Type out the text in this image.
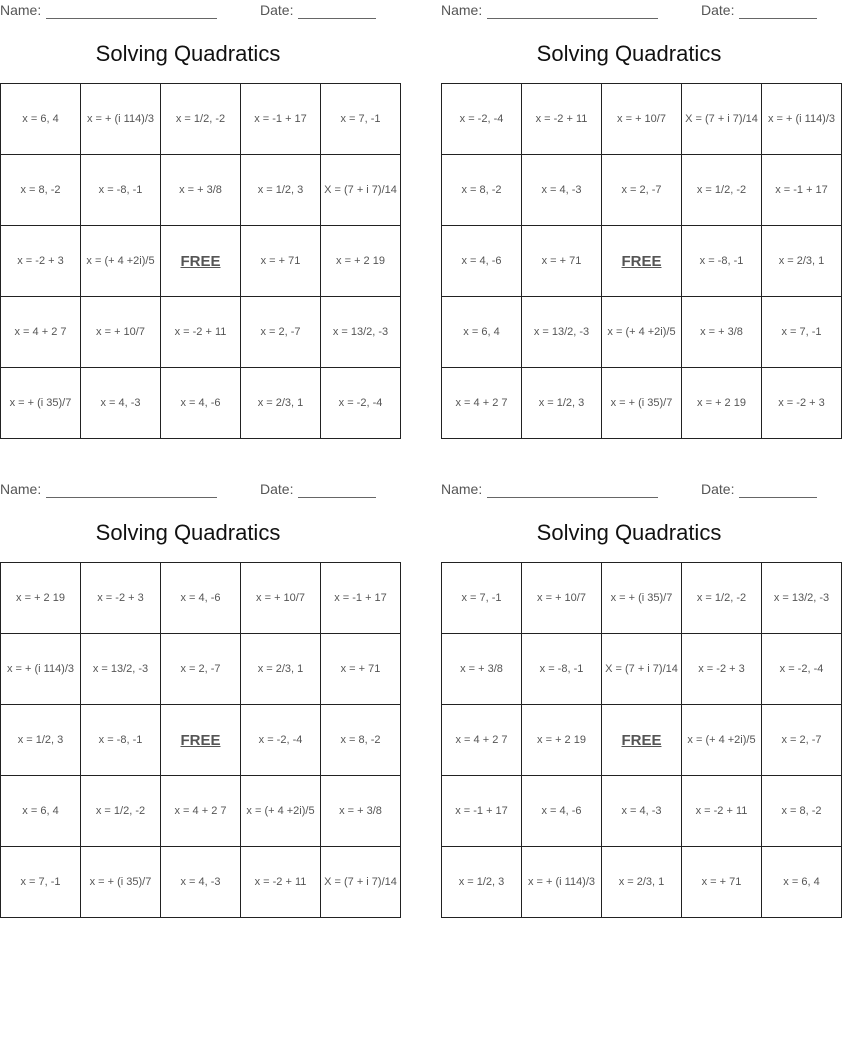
Name:	Date:
Solving Quadratics
x = 6, 4	x = + (i 114)/3	x = 1/2, -2	x = -1 + 17	x = 7, -1
x = 8, -2	x = -8, -1	x = + 3/8	x = 1/2, 3	X = (7 + i 7)/14
x = -2 + 3	x = (+ 4 +2i)/5	FREE	x = + 71	x = + 2 19
x = 4 + 2 7	x = + 10/7	x = -2 + 11	x = 2, -7	x = 13/2, -3
x = + (i 35)/7	x = 4, -3	x = 4, -6	x = 2/3, 1	x = -2, -4
Name:	Date:
Solving Quadratics
x = -2, -4	x = -2 + 11	x = + 10/7	X = (7 + i 7)/14	x = + (i 114)/3
x = 8, -2	x = 4, -3	x = 2, -7	x = 1/2, -2	x = -1 + 17
x = 4, -6	x = + 71	FREE	x = -8, -1	x = 2/3, 1
x = 6, 4	x = 13/2, -3	x = (+ 4 +2i)/5	x = + 3/8	x = 7, -1
x = 4 + 2 7	x = 1/2, 3	x = + (i 35)/7	x = + 2 19	x = -2 + 3
Name:	Date:
Solving Quadratics
x = + 2 19	x = -2 + 3	x = 4, -6	x = + 10/7	x = -1 + 17
x = + (i 114)/3	x = 13/2, -3	x = 2, -7	x = 2/3, 1	x = + 71
x = 1/2, 3	x = -8, -1	FREE	x = -2, -4	x = 8, -2
x = 6, 4	x = 1/2, -2	x = 4 + 2 7	x = (+ 4 +2i)/5	x = + 3/8
x = 7, -1	x = + (i 35)/7	x = 4, -3	x = -2 + 11	X = (7 + i 7)/14
Name:	Date:
Solving Quadratics
x = 7, -1	x = + 10/7	x = + (i 35)/7	x = 1/2, -2	x = 13/2, -3
x = + 3/8	x = -8, -1	X = (7 + i 7)/14	x = -2 + 3	x = -2, -4
x = 4 + 2 7	x = + 2 19	FREE	x = (+ 4 +2i)/5	x = 2, -7
x = -1 + 17	x = 4, -6	x = 4, -3	x = -2 + 11	x = 8, -2
x = 1/2, 3	x = + (i 114)/3	x = 2/3, 1	x = + 71	x = 6, 4
